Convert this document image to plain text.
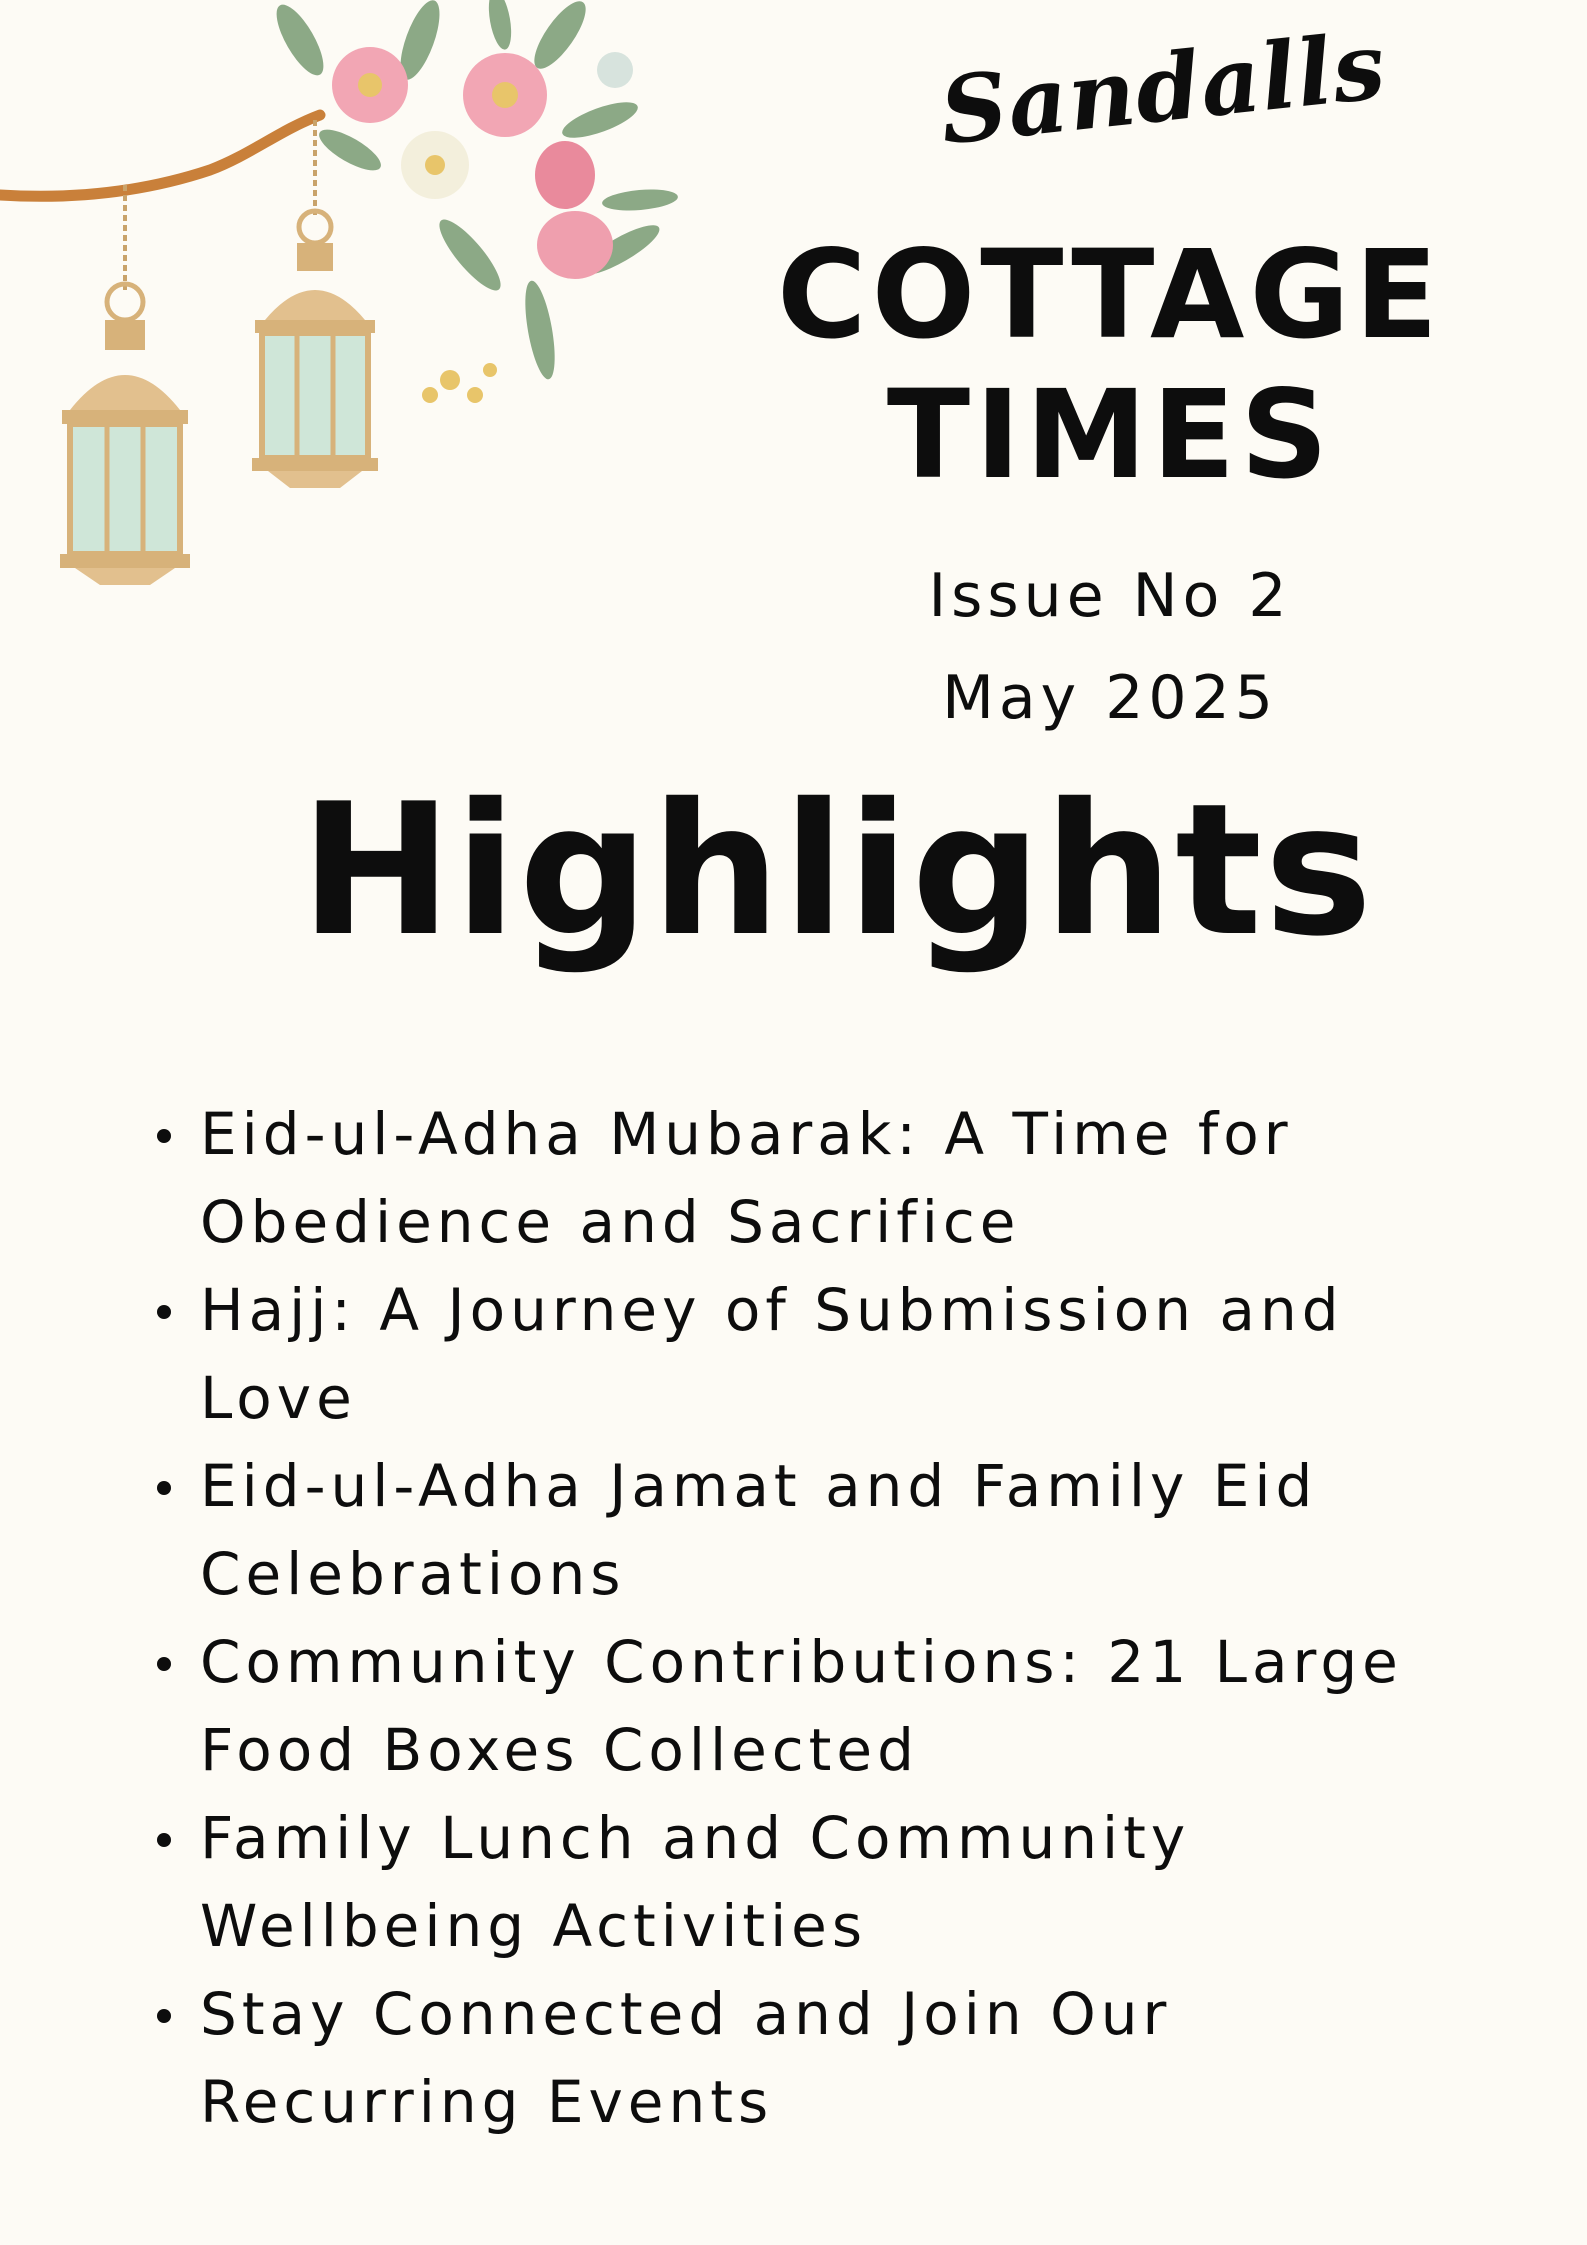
Sandalls
COTTAGE
TIMES
Issue No 2
May 2025
Highlights
Eid-ul-Adha Mubarak: A Time for Obedience and Sacrifice
Hajj: A Journey of Submission and Love
Eid-ul-Adha Jamat and Family Eid Celebrations
Community Contributions: 21 Large Food Boxes Collected
Family Lunch and Community Wellbeing Activities
Stay Connected and Join Our Recurring Events
